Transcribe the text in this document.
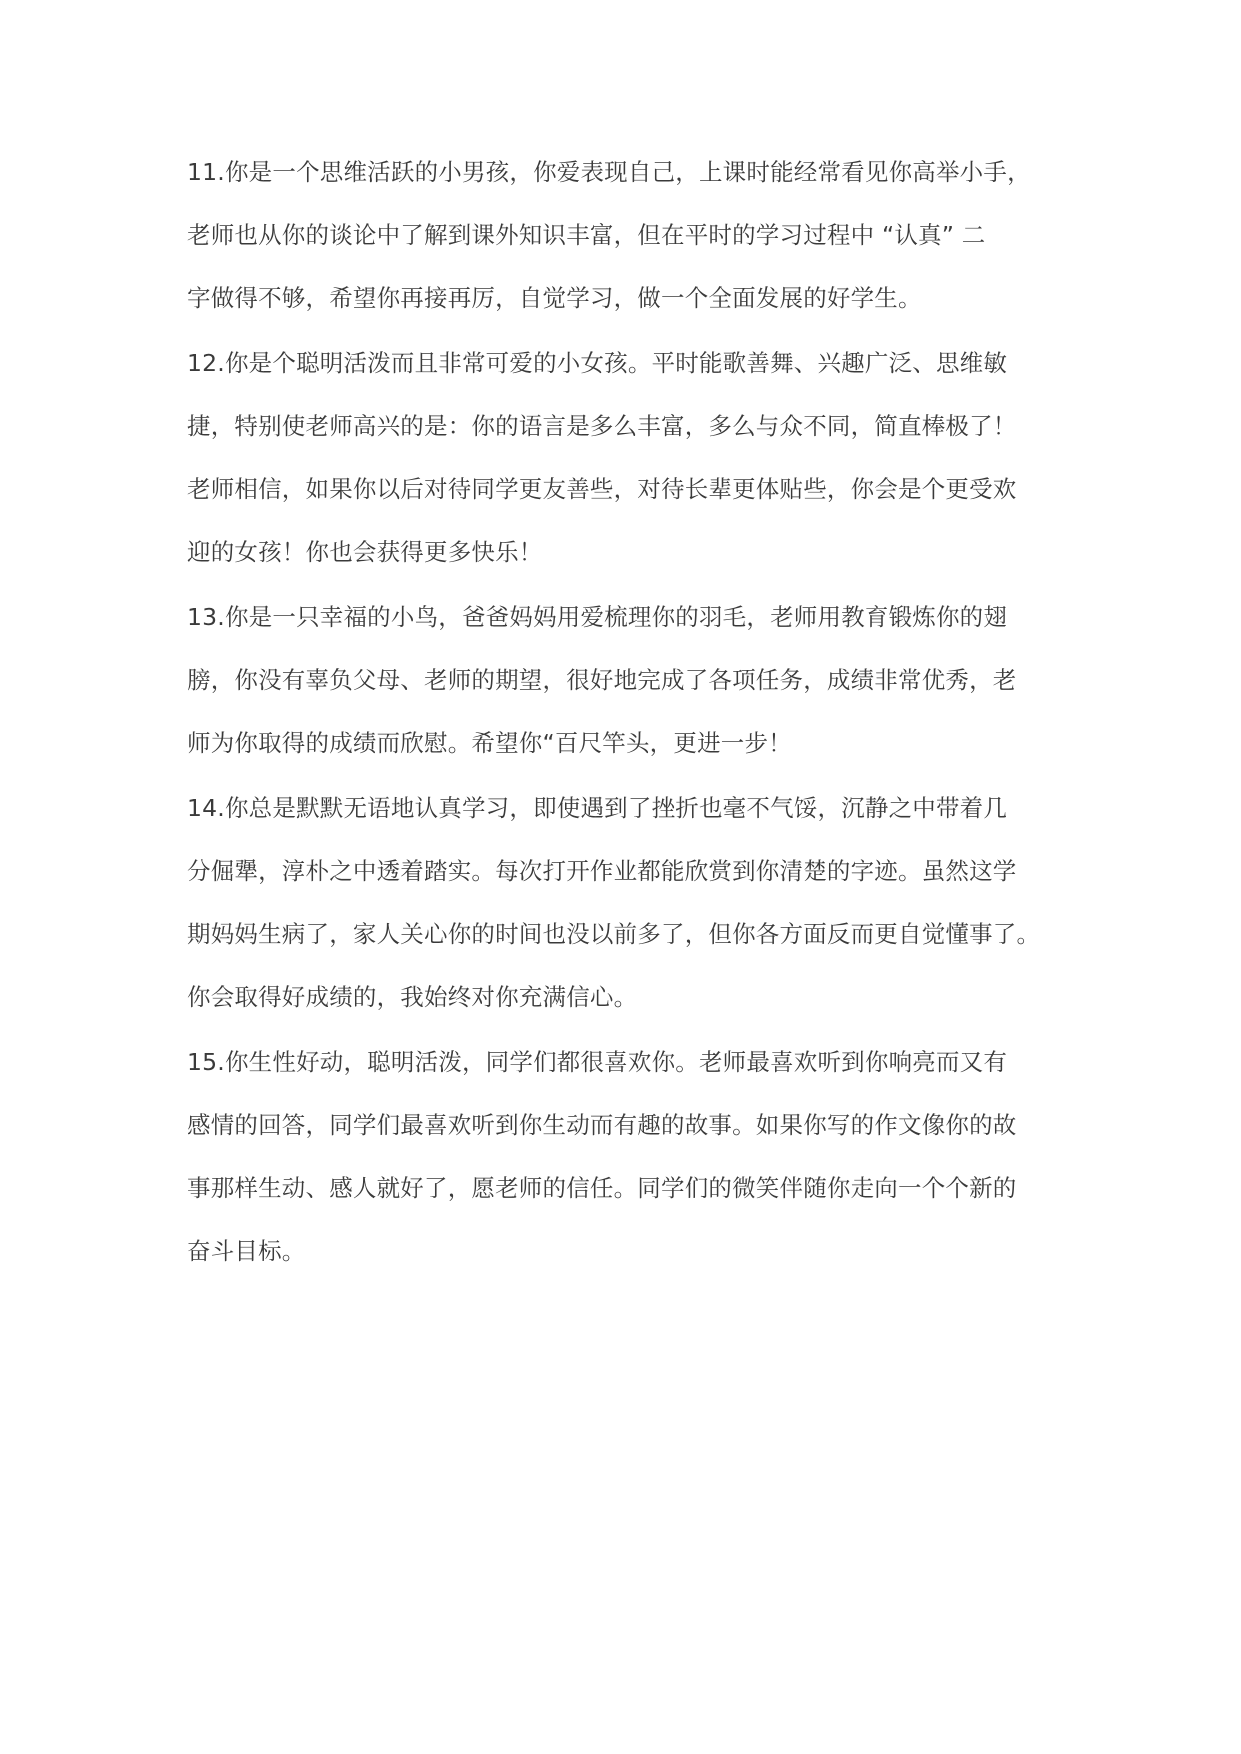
11.你是一个思维活跃的小男孩，你爱表现自己，上课时能经常看见你高举小手，
老师也从你的谈论中了解到课外知识丰富，但在平时的学习过程中 “认真” 二
字做得不够，希望你再接再厉，自觉学习，做一个全面发展的好学生。
12.你是个聪明活泼而且非常可爱的小女孩。平时能歌善舞、兴趣广泛、思维敏
捷，特别使老师高兴的是：你的语言是多么丰富，多么与众不同，简直棒极了！
老师相信，如果你以后对待同学更友善些，对待长辈更体贴些，你会是个更受欢
迎的女孩！你也会获得更多快乐！
13.你是一只幸福的小鸟，爸爸妈妈用爱梳理你的羽毛，老师用教育锻炼你的翅
膀，你没有辜负父母、老师的期望，很好地完成了各项任务，成绩非常优秀，老
师为你取得的成绩而欣慰。希望你“百尺竿头，更进一步！
14.你总是默默无语地认真学习，即使遇到了挫折也毫不气馁，沉静之中带着几
分倔犟，淳朴之中透着踏实。每次打开作业都能欣赏到你清楚的字迹。虽然这学
期妈妈生病了，家人关心你的时间也没以前多了，但你各方面反而更自觉懂事了。
你会取得好成绩的，我始终对你充满信心。
15.你生性好动，聪明活泼，同学们都很喜欢你。老师最喜欢听到你响亮而又有
感情的回答，同学们最喜欢听到你生动而有趣的故事。如果你写的作文像你的故
事那样生动、感人就好了，愿老师的信任。同学们的微笑伴随你走向一个个新的
奋斗目标。
